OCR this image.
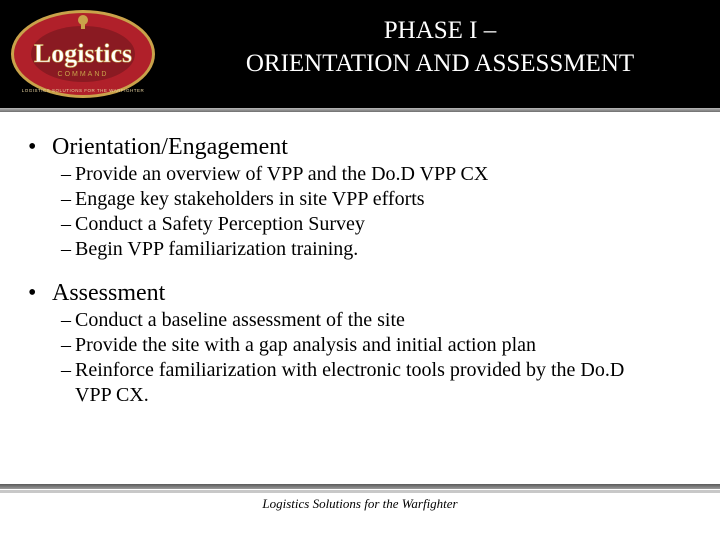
Logistics
COMMAND
LOGISTICS SOLUTIONS FOR THE WARFIGHTER
PHASE I –
ORIENTATION AND ASSESSMENT
• Orientation/Engagement
– Provide an overview of VPP and the Do.D VPP CX
– Engage key stakeholders in site VPP efforts
– Conduct a Safety Perception Survey
– Begin VPP familiarization training.
• Assessment
– Conduct a baseline assessment of the site
– Provide the site with a gap analysis and initial action plan
– Reinforce familiarization with electronic tools provided by the Do.D VPP CX.
Logistics Solutions for the Warfighter
